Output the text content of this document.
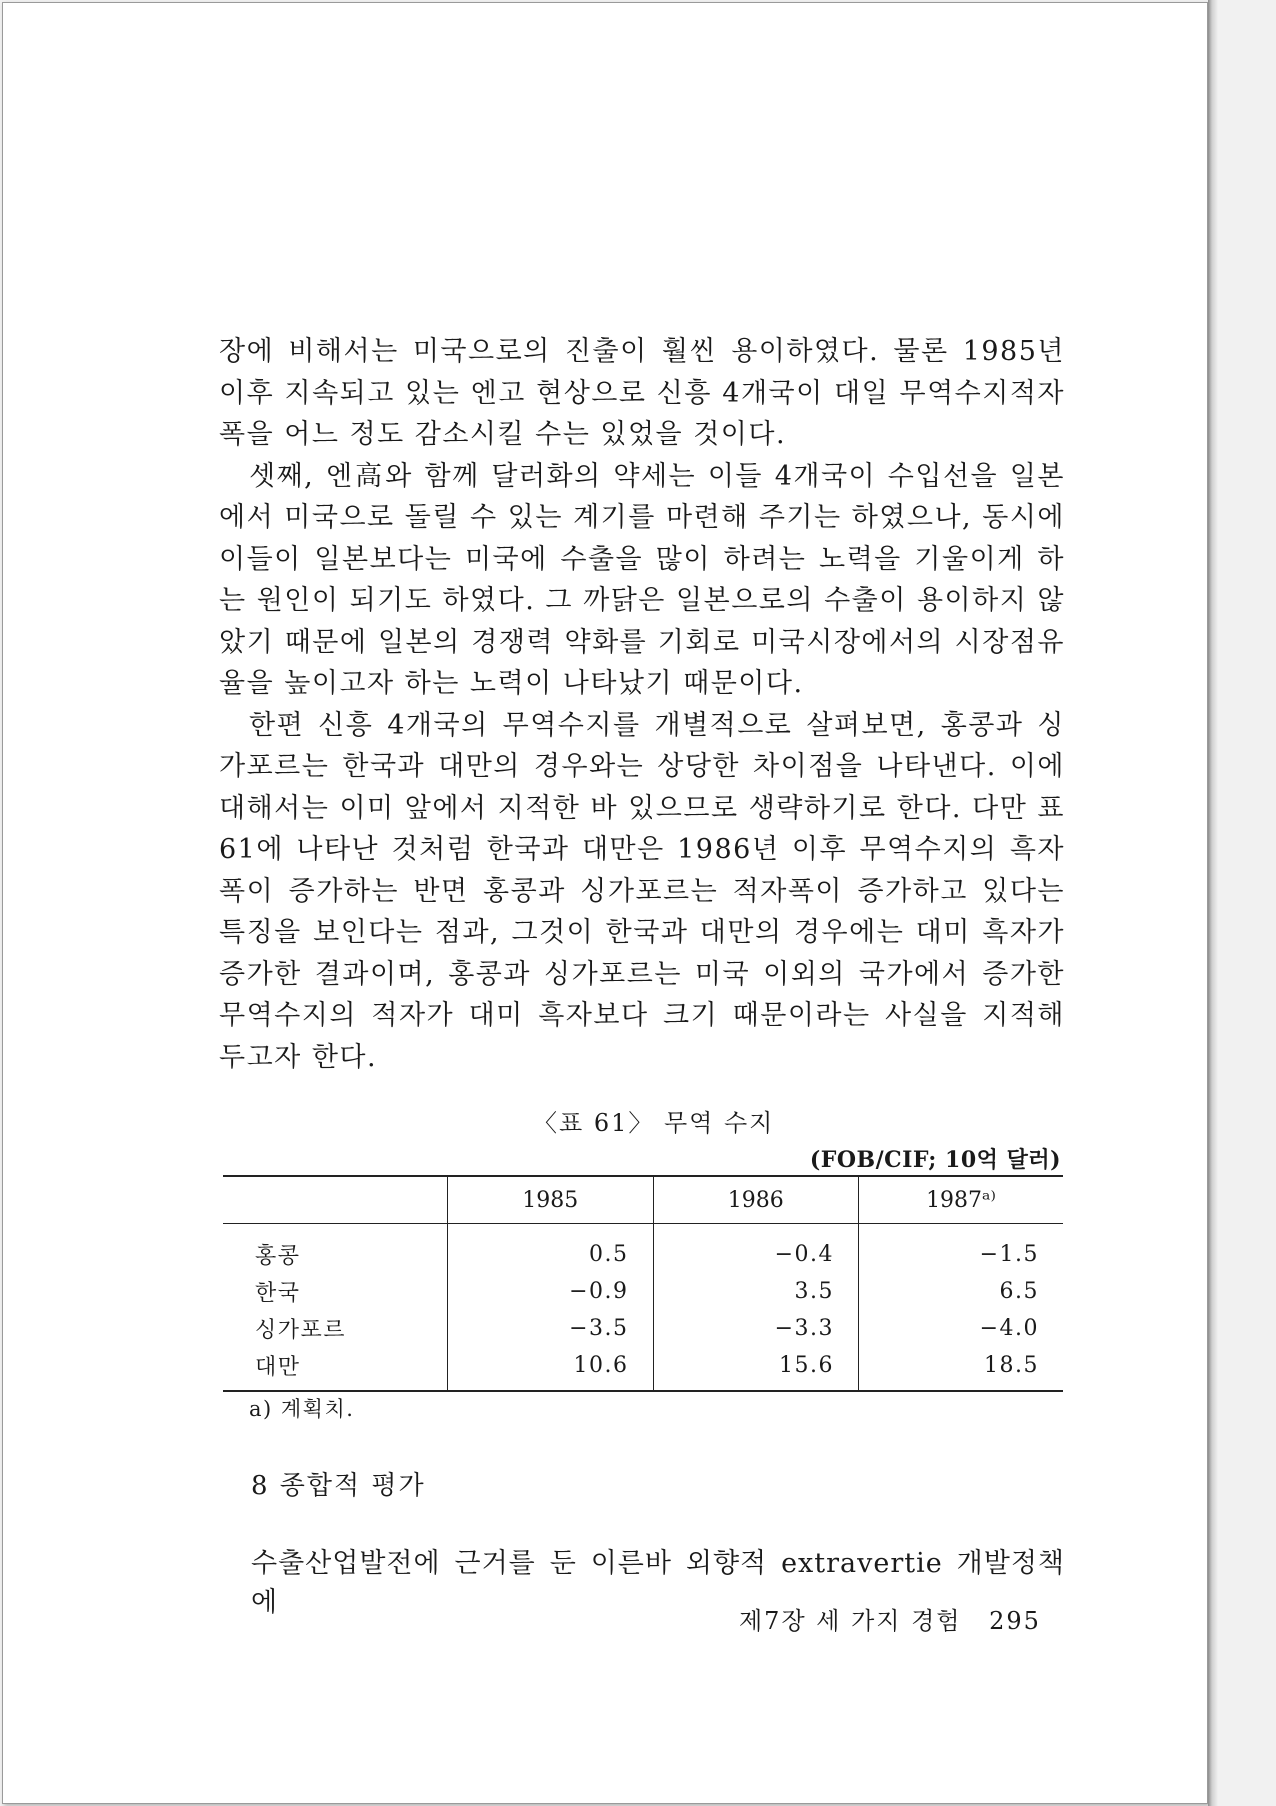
장에 비해서는 미국으로의 진출이 훨씬 용이하였다. 물론 1985년 이후 지속되고 있는 엔고 현상으로 신흥 4개국이 대일 무역수지적자폭을 어느 정도 감소시킬 수는 있었을 것이다.

셋째, 엔高와 함께 달러화의 약세는 이들 4개국이 수입선을 일본에서 미국으로 돌릴 수 있는 계기를 마련해 주기는 하였으나, 동시에 이들이 일본보다는 미국에 수출을 많이 하려는 노력을 기울이게 하는 원인이 되기도 하였다. 그 까닭은 일본으로의 수출이 용이하지 않았기 때문에 일본의 경쟁력 약화를 기회로 미국시장에서의 시장점유율을 높이고자 하는 노력이 나타났기 때문이다.

한편 신흥 4개국의 무역수지를 개별적으로 살펴보면, 홍콩과 싱가포르는 한국과 대만의 경우와는 상당한 차이점을 나타낸다. 이에 대해서는 이미 앞에서 지적한 바 있으므로 생략하기로 한다. 다만 표 61에 나타난 것처럼 한국과 대만은 1986년 이후 무역수지의 흑자폭이 증가하는 반면 홍콩과 싱가포르는 적자폭이 증가하고 있다는 특징을 보인다는 점과, 그것이 한국과 대만의 경우에는 대미 흑자가 증가한 결과이며, 홍콩과 싱가포르는 미국 이외의 국가에서 증가한 무역수지의 적자가 대미 흑자보다 크기 때문이라는 사실을 지적해 두고자 한다.

〈표 61〉 무역 수지
(FOB/CIF; 10억 달러)
	1985	1986	1987ᵃ⁾
홍콩	0.5	−0.4	−1.5
한국	−0.9	3.5	6.5
싱가포르	−3.5	−3.3	−4.0
대만	10.6	15.6	18.5
a) 계획치.
8 종합적 평가

수출산업발전에 근거를 둔 이른바 외향적 extravertie 개발정책에

제7장 세 가지 경험 295
